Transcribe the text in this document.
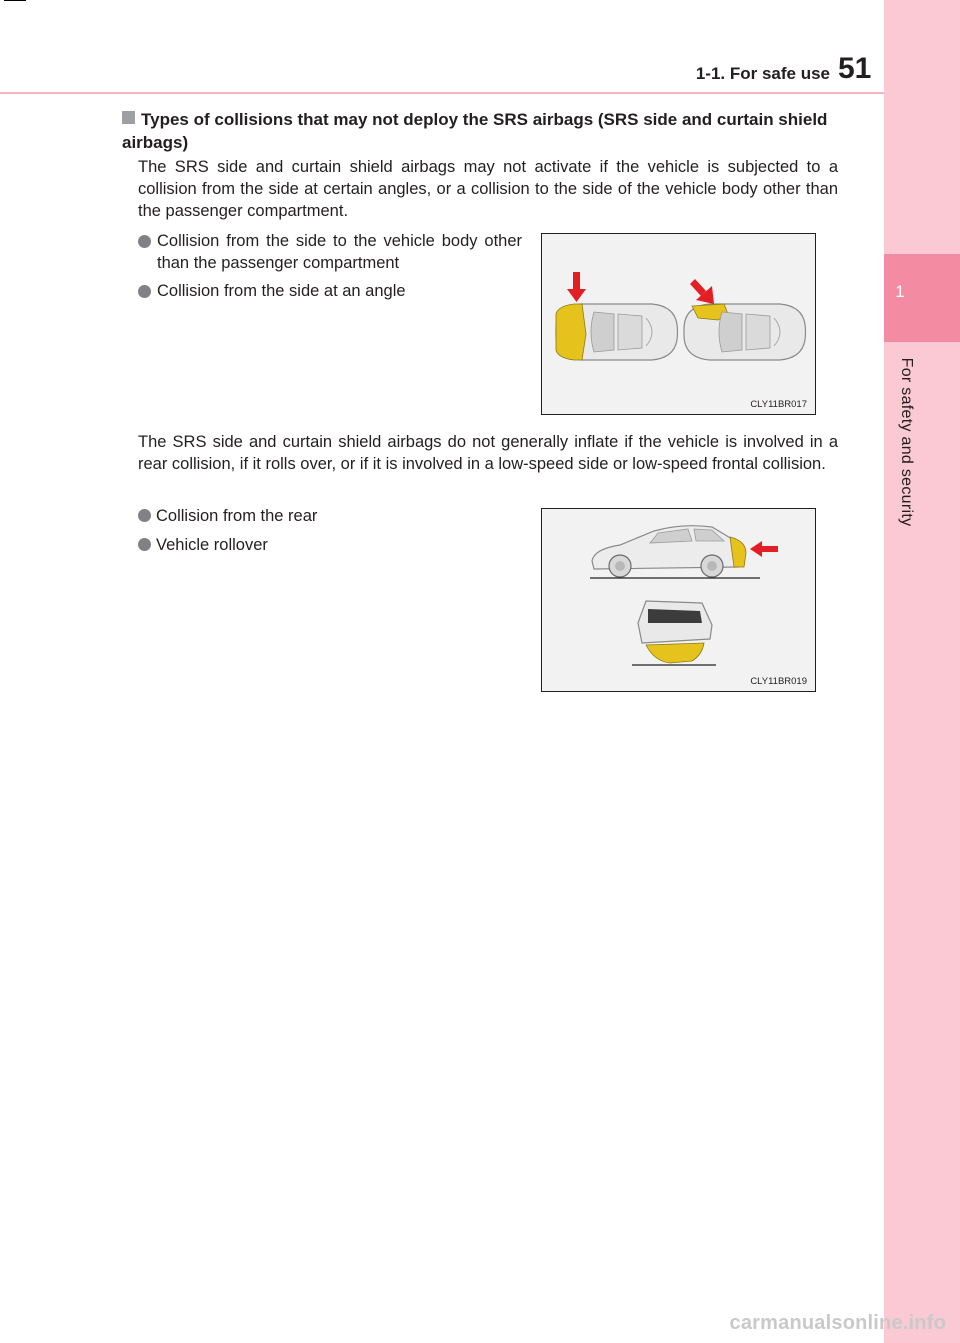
1-1. For safe use 51
1
For safety and security
Types of collisions that may not deploy the SRS airbags (SRS side and curtain shield airbags)
The SRS side and curtain shield airbags may not activate if the vehicle is subjected to a collision from the side at certain angles, or a collision to the side of the vehicle body other than the passenger compartment.
Collision from the side to the vehicle body other than the passenger compartment
Collision from the side at an angle
CLY11BR017
The SRS side and curtain shield airbags do not generally inflate if the vehicle is involved in a rear collision, if it rolls over, or if it is involved in a low-speed side or low-speed frontal collision.
Collision from the rear
Vehicle rollover
CLY11BR019
carmanualsonline.info
